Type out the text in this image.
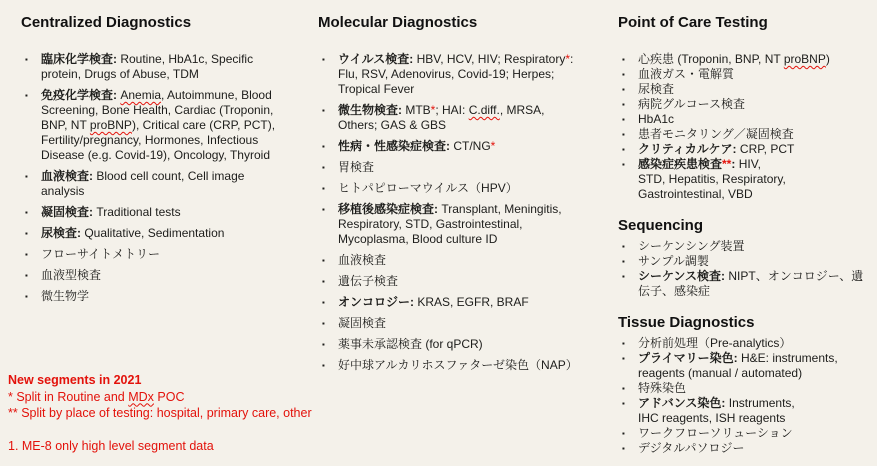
Centralized Diagnostics
▪ 臨床化学検査: Routine, HbA1c, Specific protein, Drugs of Abuse, TDM
▪ 免疫化学検査: Anemia, Autoimmune, Blood Screening, Bone Health, Cardiac (Troponin, BNP, NT proBNP), Critical care (CRP, PCT), Fertility/pregnancy, Hormones, Infectious Disease (e.g. Covid-19), Oncology, Thyroid
▪ 血液検査: Blood cell count, Cell image analysis
▪ 凝固検査: Traditional tests
▪ 尿検査: Qualitative, Sedimentation
▪ フローサイトメトリー
▪ 血液型検査
▪ 微生物学
Molecular Diagnostics
▪ ウイルス検査: HBV, HCV, HIV; Respiratory*: Flu, RSV, Adenovirus, Covid-19; Herpes; Tropical Fever
▪ 微生物検査: MTB*; HAI: C.diff., MRSA, Others; GAS & GBS
▪ 性病・性感染症検査: CT/NG*
▪ 胃検査
▪ ヒトパピローマウイルス（HPV）
▪ 移植後感染症検査: Transplant, Meningitis, Respiratory, STD, Gastrointestinal, Mycoplasma, Blood culture ID
▪ 血液検査
▪ 遺伝子検査
▪ オンコロジー: KRAS, EGFR, BRAF
▪ 凝固検査
▪ 薬事未承認検査 (for qPCR)
▪ 好中球アルカリホスファターゼ染色（NAP）
Point of Care Testing
▪ 心疾患 (Troponin, BNP, NT proBNP)
▪ 血液ガス・電解質
▪ 尿検査
▪ 病院グルコース検査
▪ HbA1c
▪ 患者モニタリング／凝固検査
▪ クリティカルケア: CRP, PCT
▪ 感染症疾患検査**: HIV,
STD, Hepatitis, Respiratory, Gastrointestinal, VBD
Sequencing
▪ シーケンシング装置
▪ サンプル調製
▪ シーケンス検査: NIPT、オンコロジー、遺伝子、感染症
Tissue Diagnostics
▪ 分析前処理（Pre-analytics）
▪ プライマリー染色: H&E: instruments, reagents (manual / automated)
▪ 特殊染色
▪ アドバンス染色: Instruments,
IHC reagents, ISH reagents
▪ ワークフローソリューション
▪ デジタルパソロジー
New segments in 2021
* Split in Routine and MDx POC
** Split by place of testing: hospital, primary care, other
1. ME-8 only high level segment data
